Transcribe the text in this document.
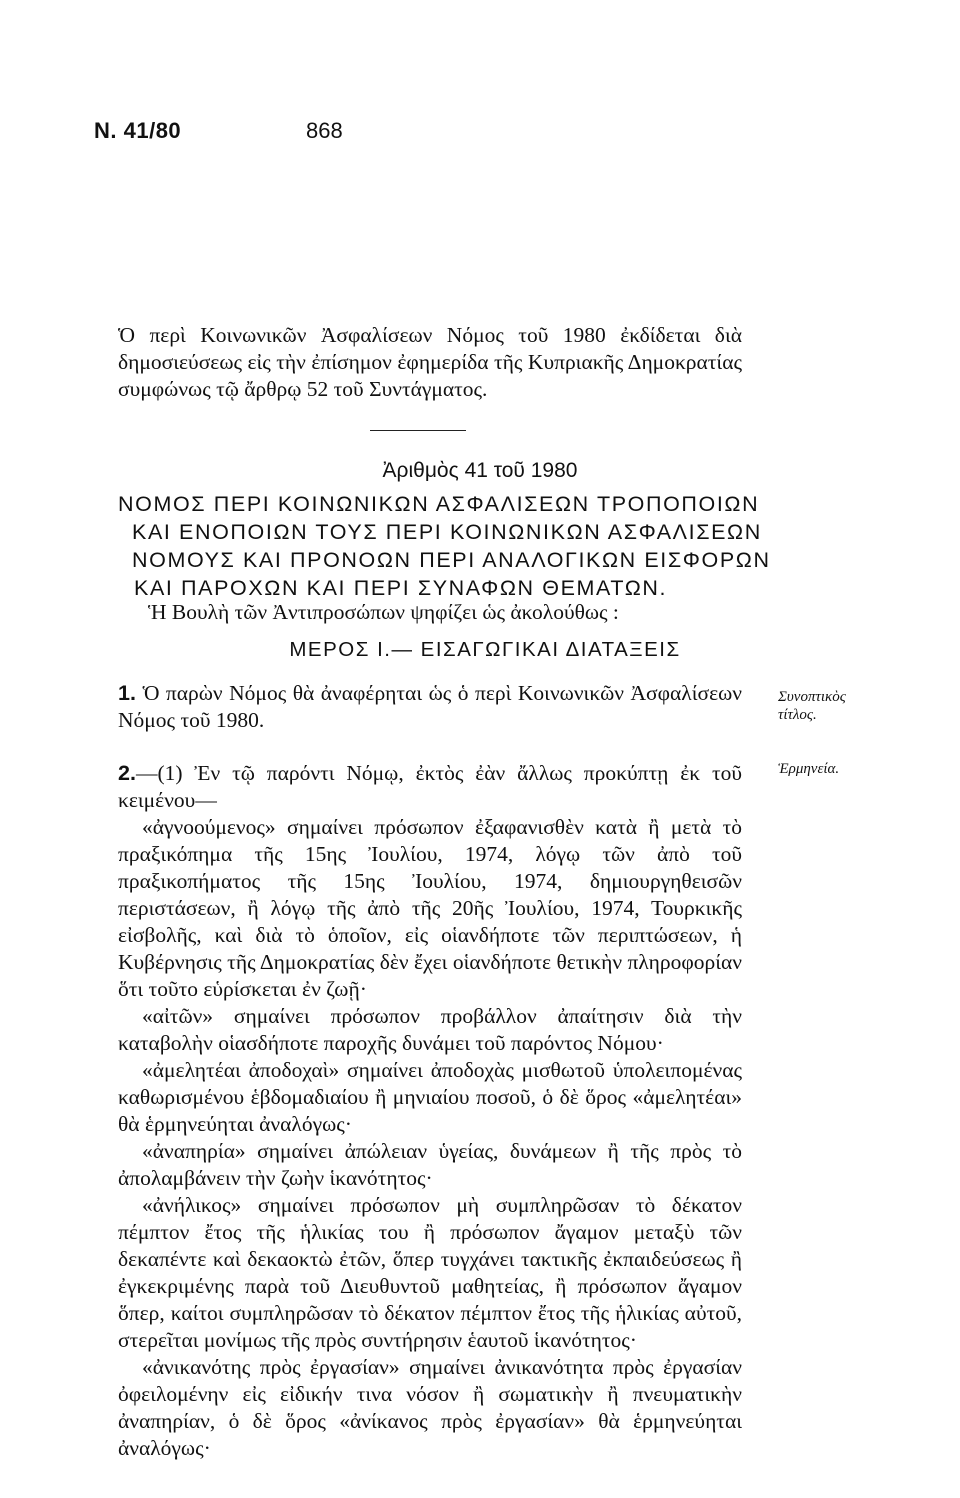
Ν. 41/80	868
Ὁ περὶ Κοινωνικῶν Ἀσφαλίσεων Νόμος τοῦ 1980 ἐκδίδεται διὰ δημοσιεύσεως εἰς τὴν ἐπίσημον ἐφημερίδα τῆς Κυπριακῆς Δημοκρατίας συμφώνως τῷ ἄρθρῳ 52 τοῦ Συντάγματος.
Ἀριθμὸς 41 τοῦ 1980
ΝΟΜΟΣ ΠΕΡΙ ΚΟΙΝΩΝΙΚΩΝ ΑΣΦΑΛΙΣΕΩΝ ΤΡΟΠΟΠΟΙΩΝ
ΚΑΙ ΕΝΟΠΟΙΩΝ ΤΟΥΣ ΠΕΡΙ ΚΟΙΝΩΝΙΚΩΝ ΑΣΦΑΛΙΣΕΩΝ
ΝΟΜΟΥΣ ΚΑΙ ΠΡΟΝΟΩΝ ΠΕΡΙ ΑΝΑΛΟΓΙΚΩΝ ΕΙΣΦΟΡΩΝ
ΚΑΙ ΠΑΡΟΧΩΝ ΚΑΙ ΠΕΡΙ ΣΥΝΑΦΩΝ ΘΕΜΑΤΩΝ.
Ἡ Βουλὴ τῶν Ἀντιπροσώπων ψηφίζει ὡς ἀκολούθως :
ΜΕΡΟΣ Ι.— ΕΙΣΑΓΩΓΙΚΑΙ ΔΙΑΤΑΞΕΙΣ

1. Ὁ παρὼν Νόμος θὰ ἀναφέρηται ὡς ὁ περὶ Κοινωνικῶν Ἀσφαλίσεων Νόμος τοῦ 1980.

Συνοπτικὸς τίτλος.

2.—(1) Ἐν τῷ παρόντι Νόμῳ, ἐκτὸς ἐὰν ἄλλως προκύπτῃ ἐκ τοῦ κειμένου—

«ἀγνοούμενος» σημαίνει πρόσωπον ἐξαφανισθὲν κατὰ ἢ μετὰ τὸ πραξικόπημα τῆς 15ης Ἰουλίου, 1974, λόγῳ τῶν ἀπὸ τοῦ πραξικοπήματος τῆς 15ης Ἰουλίου, 1974, δημιουργηθεισῶν περιστάσεων, ἢ λόγῳ τῆς ἀπὸ τῆς 20ῆς Ἰουλίου, 1974, Τουρκικῆς εἰσβολῆς, καὶ διὰ τὸ ὁποῖον, εἰς οἱανδήποτε τῶν περιπτώσεων, ἡ Κυβέρνησις τῆς Δημοκρατίας δὲν ἔχει οἱανδήποτε θετικὴν πληροφορίαν ὅτι τοῦτο εὑρίσκεται ἐν ζωῇ·

«αἰτῶν» σημαίνει πρόσωπον προβάλλον ἀπαίτησιν διὰ τὴν καταβολὴν οἱασδήποτε παροχῆς δυνάμει τοῦ παρόντος Νόμου·

«ἀμελητέαι ἀποδοχαὶ» σημαίνει ἀποδοχὰς μισθωτοῦ ὑπολειπομένας καθωρισμένου ἑβδομαδιαίου ἢ μηνιαίου ποσοῦ, ὁ δὲ ὅρος «ἀμελητέαι» θὰ ἑρμηνεύηται ἀναλόγως·

«ἀναπηρία» σημαίνει ἀπώλειαν ὑγείας, δυνάμεων ἢ τῆς πρὸς τὸ ἀπολαμβάνειν τὴν ζωὴν ἱκανότητος·

«ἀνήλικος» σημαίνει πρόσωπον μὴ συμπληρῶσαν τὸ δέκατον πέμπτον ἔτος τῆς ἡλικίας του ἢ πρόσωπον ἄγαμον μεταξὺ τῶν δεκαπέντε καὶ δεκαοκτὼ ἐτῶν, ὅπερ τυγχάνει τακτικῆς ἐκπαιδεύσεως ἢ ἐγκεκριμένης παρὰ τοῦ Διευθυντοῦ μαθητείας, ἢ πρόσωπον ἄγαμον ὅπερ, καίτοι συμπληρῶσαν τὸ δέκατον πέμπτον ἔτος τῆς ἡλικίας αὐτοῦ, στερεῖται μονίμως τῆς πρὸς συντήρησιν ἑαυτοῦ ἱκανότητος·

«ἀνικανότης πρὸς ἐργασίαν» σημαίνει ἀνικανότητα πρὸς ἐργασίαν ὀφειλομένην εἰς εἰδικήν τινα νόσον ἢ σωματικὴν ἢ πνευματικὴν ἀναπηρίαν, ὁ δὲ ὅρος «ἀνίκανος πρὸς ἐργασίαν» θὰ ἑρμηνεύηται ἀναλόγως·

Ἑρμηνεία.
